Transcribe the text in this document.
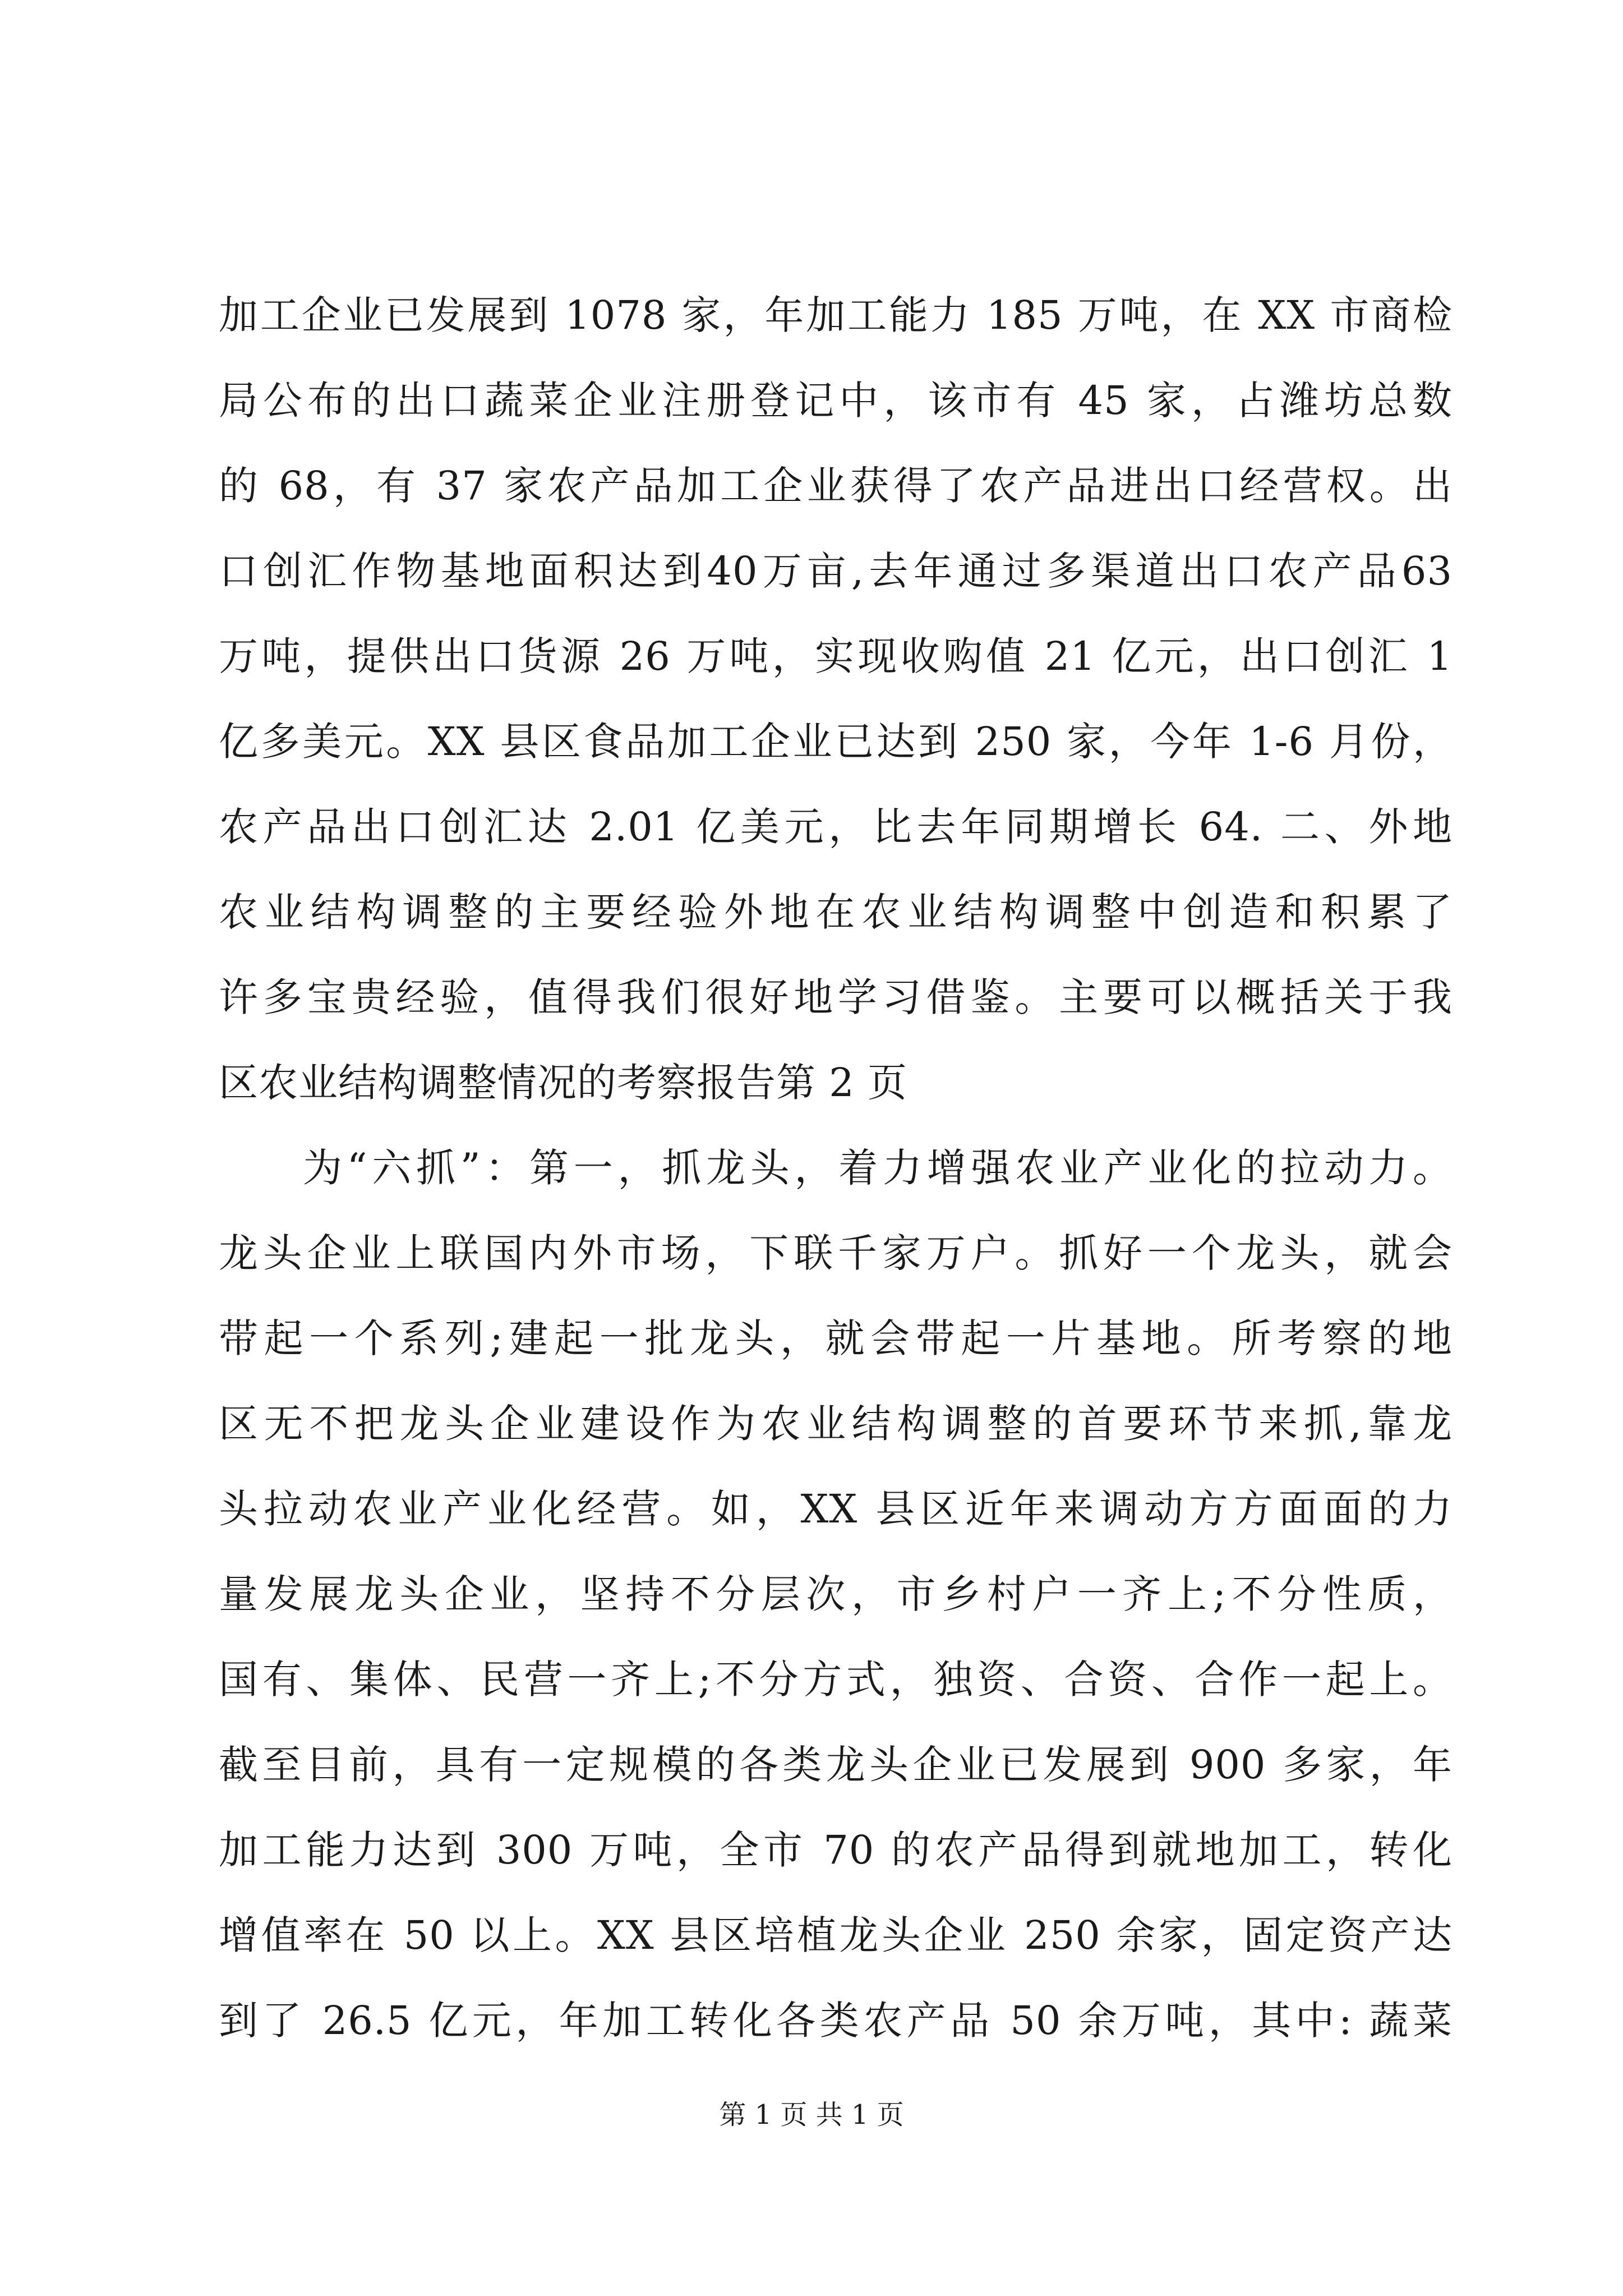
加工企业已发展到 1078 家，年加工能力 185 万吨，在 XX 市商检
局公布的出口蔬菜企业注册登记中，该市有 45 家，占潍坊总数
的 68，有 37 家农产品加工企业获得了农产品进出口经营权。出
口创汇作物基地面积达到40万亩,去年通过多渠道出口农产品63
万吨，提供出口货源 26 万吨，实现收购值 21 亿元，出口创汇 1
亿多美元。XX 县区食品加工企业已达到 250 家，今年 1-6 月份，
农产品出口创汇达 2.01 亿美元，比去年同期增长 64. 二、外地
农业结构调整的主要经验外地在农业结构调整中创造和积累了
许多宝贵经验，值得我们很好地学习借鉴。主要可以概括关于我
区农业结构调整情况的考察报告第 2 页
为“六抓”：第一，抓龙头，着力增强农业产业化的拉动力。
龙头企业上联国内外市场，下联千家万户。抓好一个龙头，就会
带起一个系列;建起一批龙头，就会带起一片基地。所考察的地
区无不把龙头企业建设作为农业结构调整的首要环节来抓,靠龙
头拉动农业产业化经营。如，XX 县区近年来调动方方面面的力
量发展龙头企业，坚持不分层次，市乡村户一齐上;不分性质，
国有、集体、民营一齐上;不分方式，独资、合资、合作一起上。
截至目前，具有一定规模的各类龙头企业已发展到 900 多家，年
加工能力达到 300 万吨，全市 70 的农产品得到就地加工，转化
增值率在 50 以上。XX 县区培植龙头企业 250 余家，固定资产达
到了 26.5 亿元，年加工转化各类农产品 50 余万吨，其中: 蔬菜
第 1 页 共 1 页
